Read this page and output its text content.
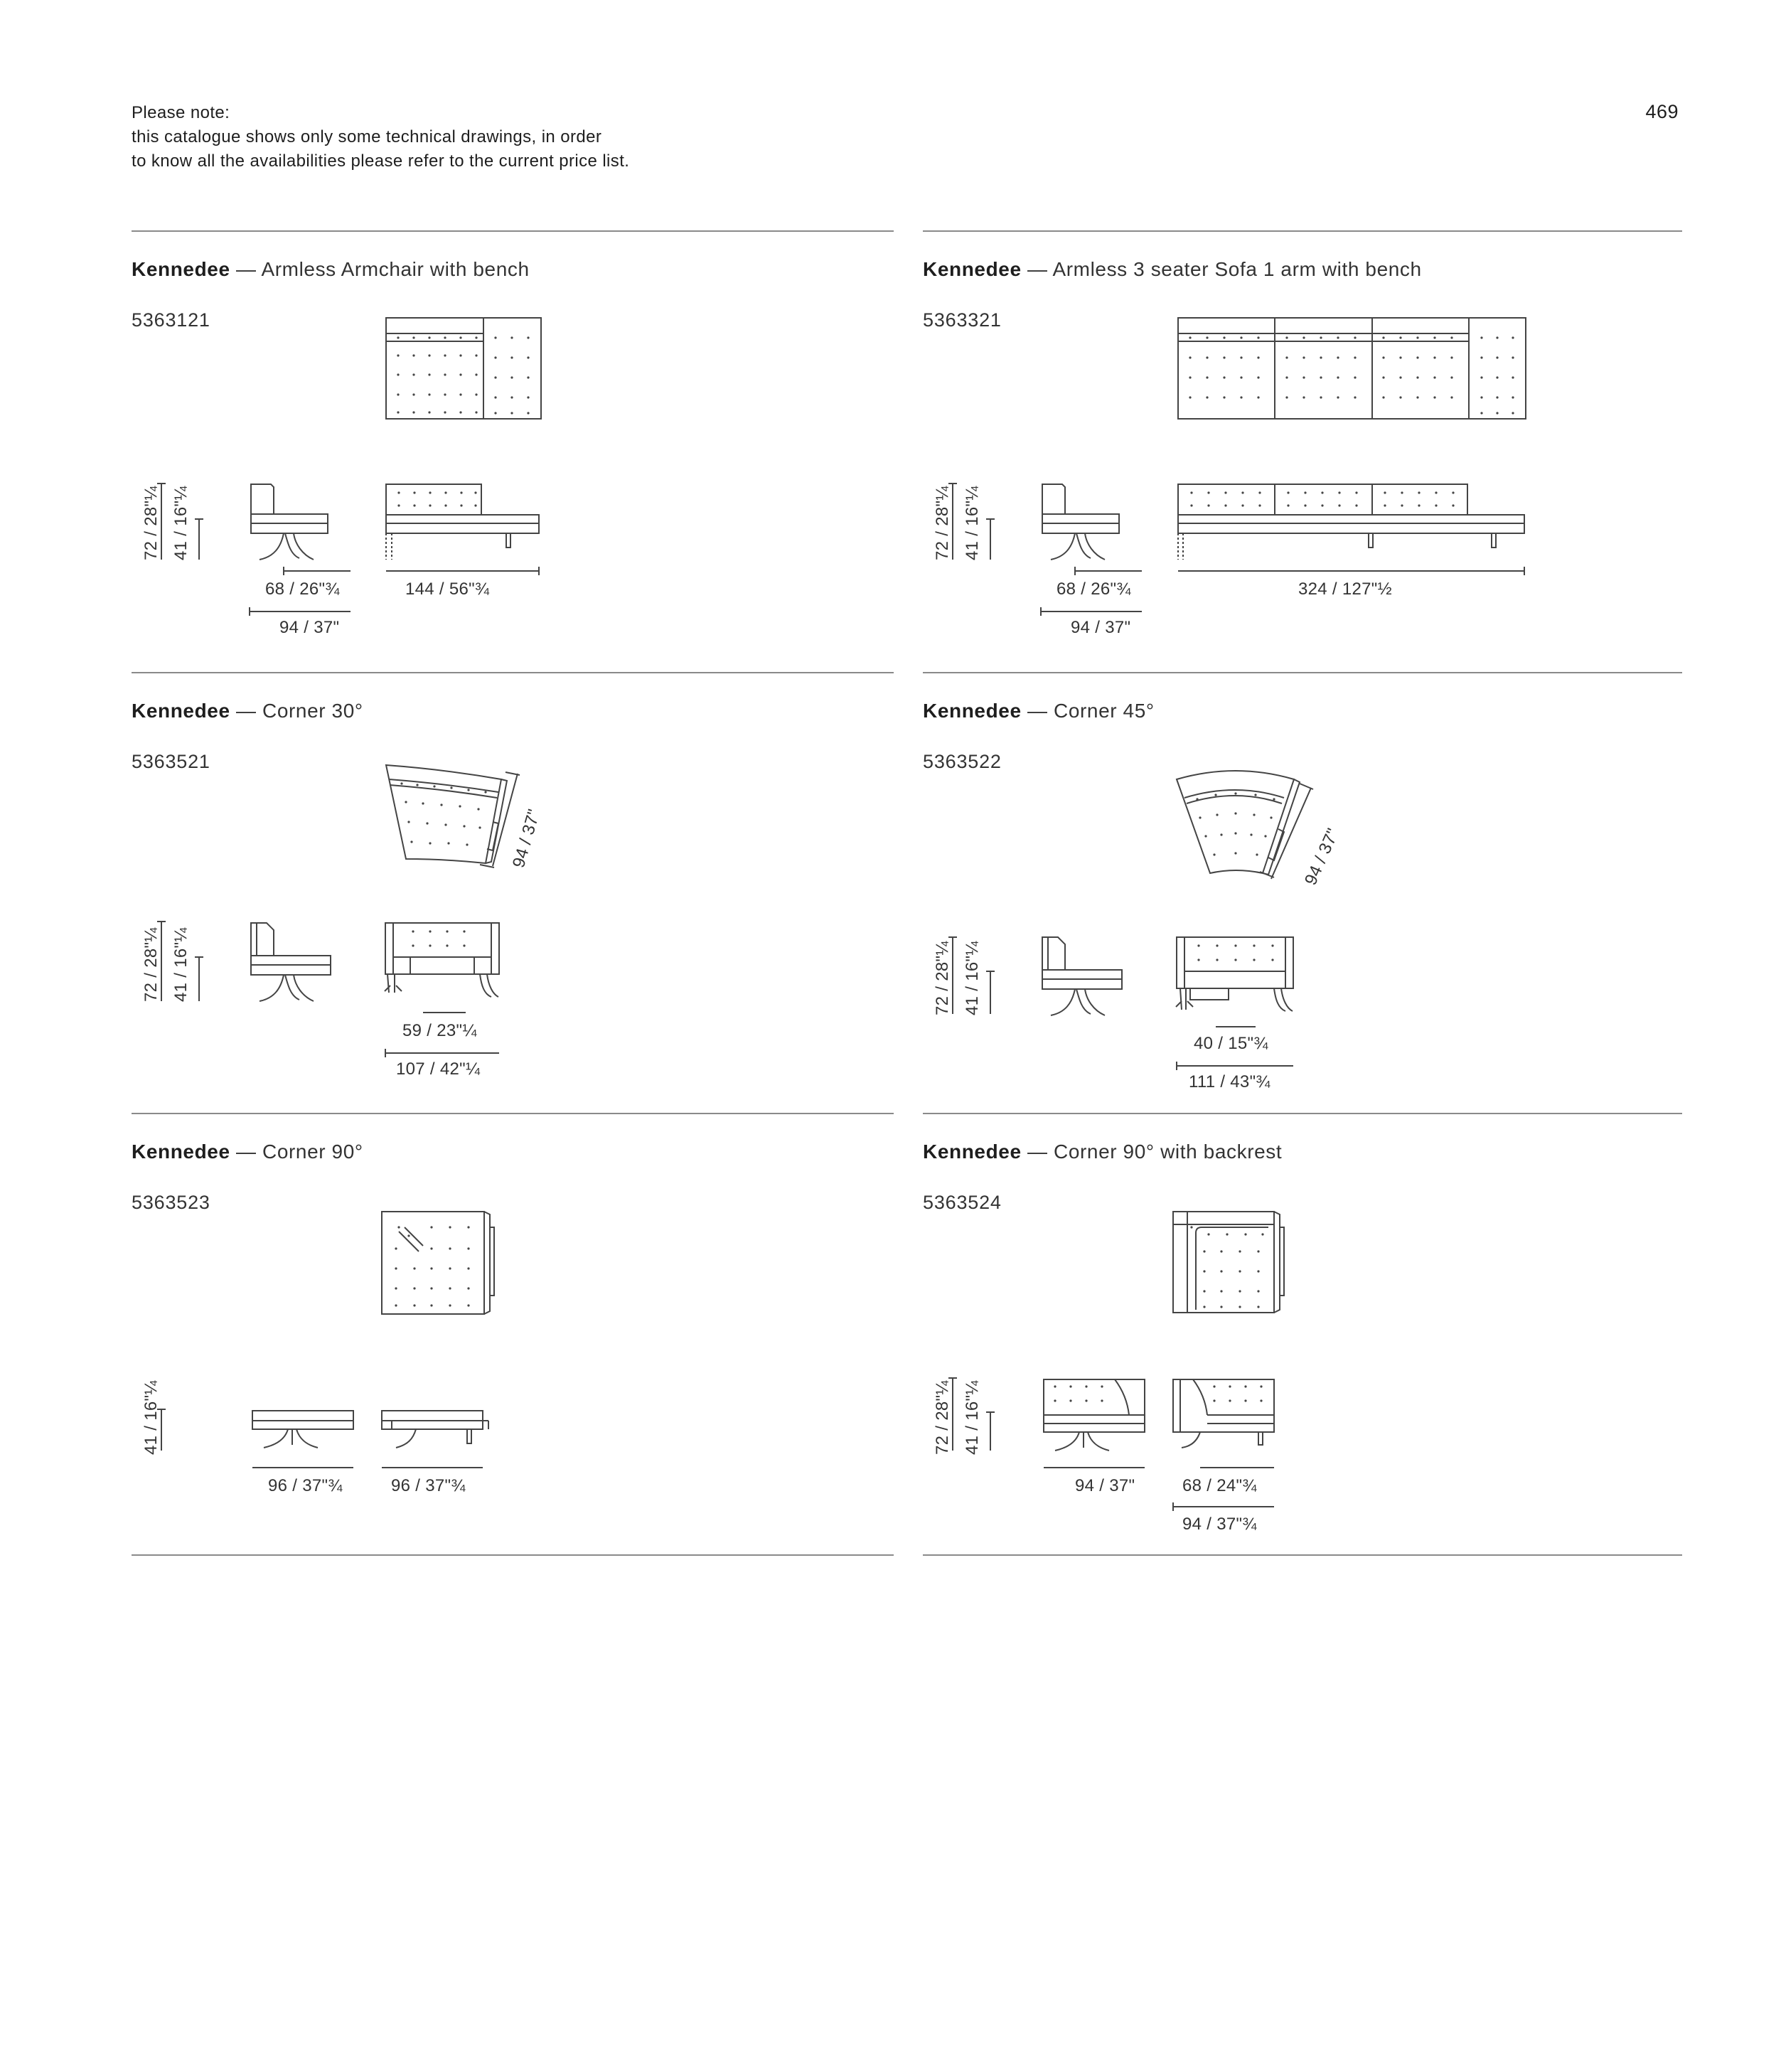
Please note:
this catalogue shows only some technical drawings, in order
to know all the availabilities please refer to the current price list.
469
Kennedee — Armless Armchair with bench
5363121
72 / 28"¼ 41 / 16"¼
68 / 26"¾	144 / 56"¾
94 / 37"
Kennedee — Armless 3 seater Sofa 1 arm with bench
5363321
72 / 28"¼ 41 / 16"¼
68 / 26"¾	324 / 127"½
94 / 37"
Kennedee — Corner 30°
5363521
94 / 37"
72 / 28"¼ 41 / 16"¼
59 / 23"¼
107 / 42"¼
Kennedee — Corner 45°
5363522
94 / 37"
72 / 28"¼ 41 / 16"¼
40 / 15"¾
111 / 43"¾
Kennedee — Corner 90°
5363523
41 / 16"¼
96 / 37"¾	96 / 37"¾
Kennedee — Corner 90° with backrest
5363524
72 / 28"¼ 41 / 16"¼
94 / 37"	68 / 24"¾
94 / 37"¾
